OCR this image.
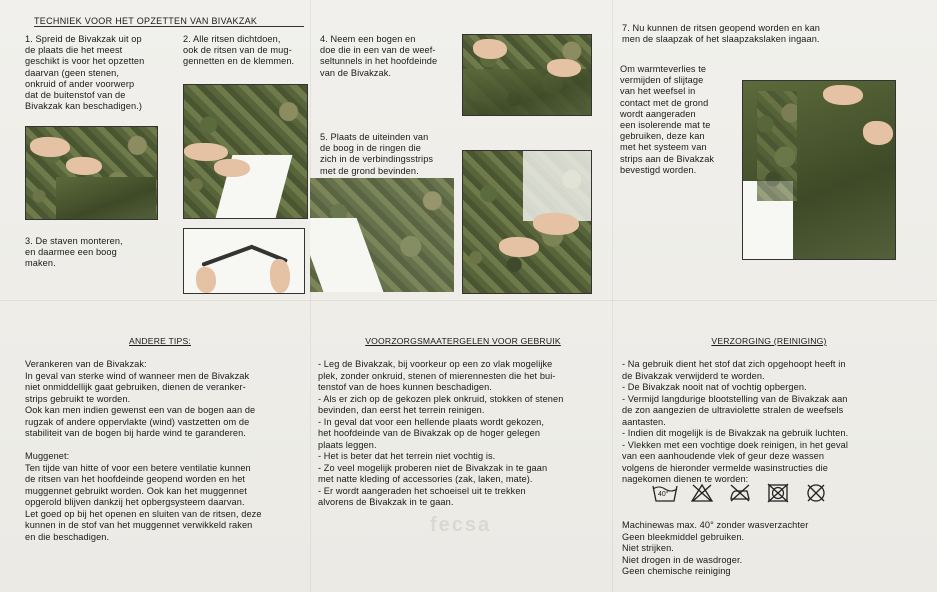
TECHNIEK VOOR HET OPZETTEN VAN BIVAKZAK
1. Spreid de Bivakzak uit op
de plaats die het meest
geschikt is voor het opzetten
daarvan (geen stenen,
onkruid of ander voorwerp
dat de buitenstof van de
Bivakzak kan beschadigen.)
2. Alle ritsen dichtdoen,
ook de ritsen van de mug-
gennetten en de klemmen.
3. De staven monteren,
en daarmee een boog
maken.
4. Neem een bogen en
doe die in een van de weef-
seltunnels in het hoofdeinde
van de Bivakzak.
5. Plaats de uiteinden van
de boog in de ringen die
zich in de verbindingsstrips
met de grond bevinden.
7. Nu kunnen de ritsen geopend worden en kan
men de slaapzak of het slaapzakslaken ingaan.
Om warmteverlies te
vermijden of slijtage
van het weefsel in
contact met de grond
wordt aangeraden
een isolerende mat te
gebruiken, deze kan
met het systeem van
strips aan de Bivakzak
bevestigd worden.
ANDERE TIPS:
Verankeren van de Bivakzak:
In geval van sterke wind of wanneer men de Bivakzak
niet onmiddellijk gaat gebruiken, dienen de veranker-
strips gebruikt te worden.
Ook kan men indien gewenst een van de bogen aan de
rugzak of andere oppervlakte (wind) vastzetten om de
stabiliteit van de bogen bij harde wind te garanderen.

Muggenet:
Ten tijde van hitte of voor een betere ventilatie kunnen
de ritsen van het hoofdeinde geopend worden en het
muggennet gebruikt worden. Ook kan het muggennet
opgerold blijven dankzij het opbergsysteem daarvan.
Let goed op bij het openen en sluiten van de ritsen, deze
kunnen in de stof van het muggennet verwikkeld raken
en die beschadigen.
VOORZORGSMAATERGELEN VOOR GEBRUIK
- Leg de Bivakzak, bij voorkeur op een zo vlak mogelijke
plek, zonder onkruid, stenen of mierennesten die het bui-
tenstof van de hoes kunnen beschadigen.
- Als er zich op de gekozen plek onkruid, stokken of stenen
bevinden, dan eerst het terrein reinigen.
- In geval dat voor een hellende plaats wordt gekozen,
het hoofdeinde van de Bivakzak op de hoger gelegen
plaats leggen.
- Het is beter dat het terrein niet vochtig is.
- Zo veel mogelijk proberen niet de Bivakzak in te gaan
met natte kleding of accessories (zak, laken, mate).
- Er wordt aangeraden het schoeisel uit te trekken
alvorens de Bivakzak in te gaan.
fecsa
VERZORGING (REINIGING)
- Na gebruik dient het stof dat zich opgehoopt heeft in
de Bivakzak verwijderd te worden.
- De Bivakzak nooit nat of vochtig opbergen.
- Vermijd langdurige blootstelling van de Bivakzak aan
de zon aangezien de ultraviolette stralen de weefsels
aantasten.
- Indien dit mogelijk is de Bivakzak na gebruik luchten.
- Vlekken met een vochtige doek reinigen, in het geval
van een aanhoudende vlek of geur deze wassen
volgens de hieronder vermelde wasinstructies die
nagekomen dienen te worden:
40°
Machinewas max. 40° zonder wasverzachter
Geen bleekmiddel gebruiken.
Niet strijken.
Niet drogen in de wasdroger.
Geen chemische reiniging
